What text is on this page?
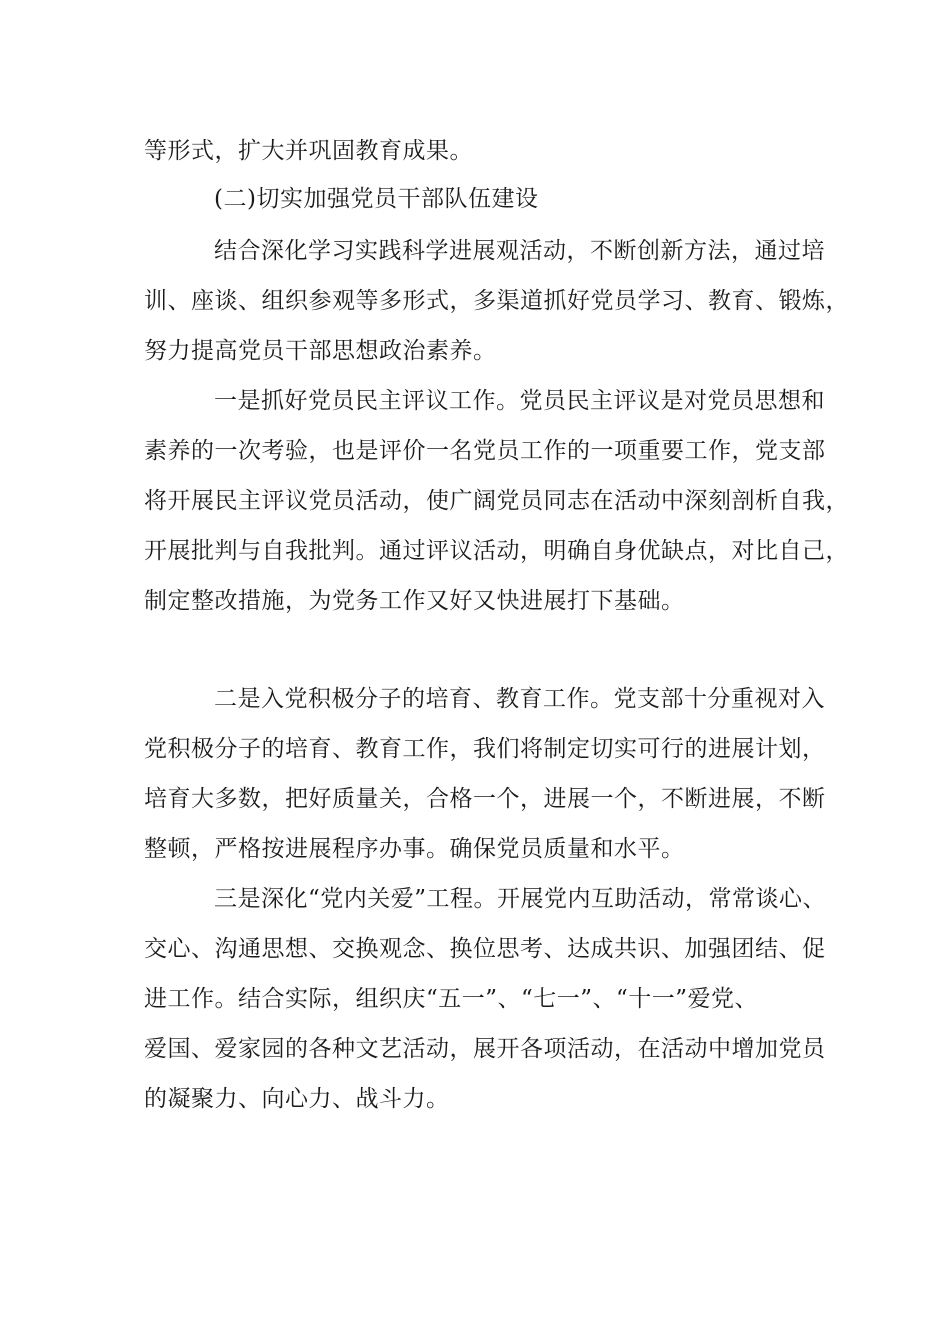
等形式，扩大并巩固教育成果。
(二)切实加强党员干部队伍建设
结合深化学习实践科学进展观活动，不断创新方法，通过培
训、座谈、组织参观等多形式，多渠道抓好党员学习、教育、锻炼，
努力提高党员干部思想政治素养。
一是抓好党员民主评议工作。党员民主评议是对党员思想和
素养的一次考验，也是评价一名党员工作的一项重要工作，党支部
将开展民主评议党员活动，使广阔党员同志在活动中深刻剖析自我，
开展批判与自我批判。通过评议活动，明确自身优缺点，对比自己，
制定整改措施，为党务工作又好又快进展打下基础。
二是入党积极分子的培育、教育工作。党支部十分重视对入
党积极分子的培育、教育工作，我们将制定切实可行的进展计划，
培育大多数，把好质量关，合格一个，进展一个，不断进展，不断
整顿，严格按进展程序办事。确保党员质量和水平。
三是深化“党内关爱”工程。开展党内互助活动，常常谈心、
交心、沟通思想、交换观念、换位思考、达成共识、加强团结、促
进工作。结合实际，组织庆“五一”、“七一”、“十一”爱党、
爱国、爱家园的各种文艺活动，展开各项活动，在活动中增加党员
的凝聚力、向心力、战斗力。
